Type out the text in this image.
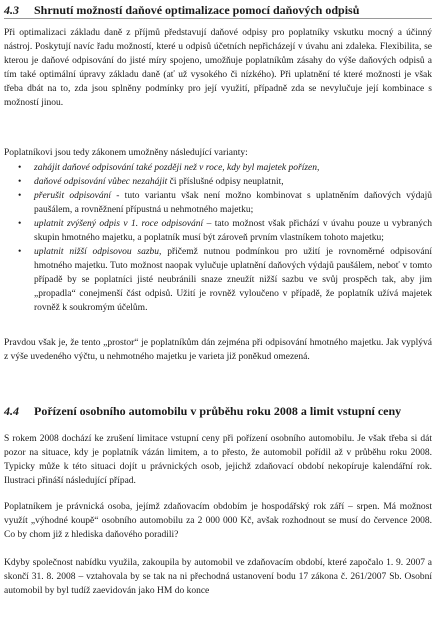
4.3	Shrnutí možností daňové optimalizace pomocí daňových odpisů

Při optimalizaci základu daně z příjmů představují daňové odpisy pro poplatníky vskutku mocný a účinný nástroj. Poskytují navíc řadu možností, které u odpisů účetních nepřicházejí v úvahu ani zdaleka. Flexibilita, se kterou je daňové odpisování do jisté míry spojeno, umožňuje poplatníkům zásahy do výše daňových odpisů a tím také optimální úpravy základu daně (ať už vysokého či nízkého). Při uplatnění té které možnosti je však třeba dbát na to, zda jsou splněny podmínky pro její využití, případně zda se nevylučuje její kombinace s možností jinou.

Poplatníkovi jsou tedy zákonem umožněny následující varianty:

• zahájit daňové odpisování také později než v roce, kdy byl majetek pořízen,
• daňové odpisování vůbec nezahájit či příslušné odpisy neuplatnit,
• přerušit odpisování - tuto variantu však není možno kombinovat s uplatněním daňových výdajů paušálem, a rovněžnení přípustná u nehmotného majetku;
• uplatnit zvýšený odpis v 1. roce odpisování – tato možnost však přichází v úvahu pouze u vybraných skupin hmotného majetku, a poplatník musí být zároveň prvním vlastníkem tohoto majetku;
• uplatnit nižší odpisovou sazbu, přičemž nutnou podmínkou pro užití je rovnoměrné odpisování hmotného majetku. Tuto možnost naopak vylučuje uplatnění daňových výdajů paušálem, neboť v tomto případě by se poplatníci jisté neubránili snaze zneužít nižší sazbu ve svůj prospěch tak, aby jim „propadla“ conejmenší část odpisů. Užití je rovněž vyloučeno v případě, že poplatník užívá majetek rovněž k soukromým účelům.

Pravdou však je, že tento „prostor“ je poplatníkům dán zejména při odpisování hmotného majetku. Jak vyplývá z výše uvedeného výčtu, u nehmotného majetku je varieta již poněkud omezená.

4.4	Pořízení osobního automobilu v průběhu roku 2008 a limit vstupní ceny

S rokem 2008 dochází ke zrušení limitace vstupní ceny při pořízení osobního automobilu. Je však třeba si dát pozor na situace, kdy je poplatník vázán limitem, a to přesto, že automobil pořídil až v průběhu roku 2008. Typicky může k této situaci dojít u právnických osob, jejichž zdaňovací období nekopíruje kalendářní rok. Ilustraci přináší následující případ.

Poplatníkem je právnická osoba, jejímž zdaňovacím obdobím je hospodářský rok září – srpen. Má možnost využít „výhodné koupě“ osobního automobilu za 2 000 000 Kč, avšak rozhodnout se musí do července 2008. Co by chom již z hlediska daňového poradili?

Kdyby společnost nabídku využila, zakoupila by automobil ve zdaňovacím období, které započalo 1. 9. 2007 a skončí 31. 8. 2008 – vztahovala by se tak na ni přechodná ustanovení bodu 17 zákona č. 261/2007 Sb. Osobní automobil by byl tudíž zaevidován jako HM do konce
